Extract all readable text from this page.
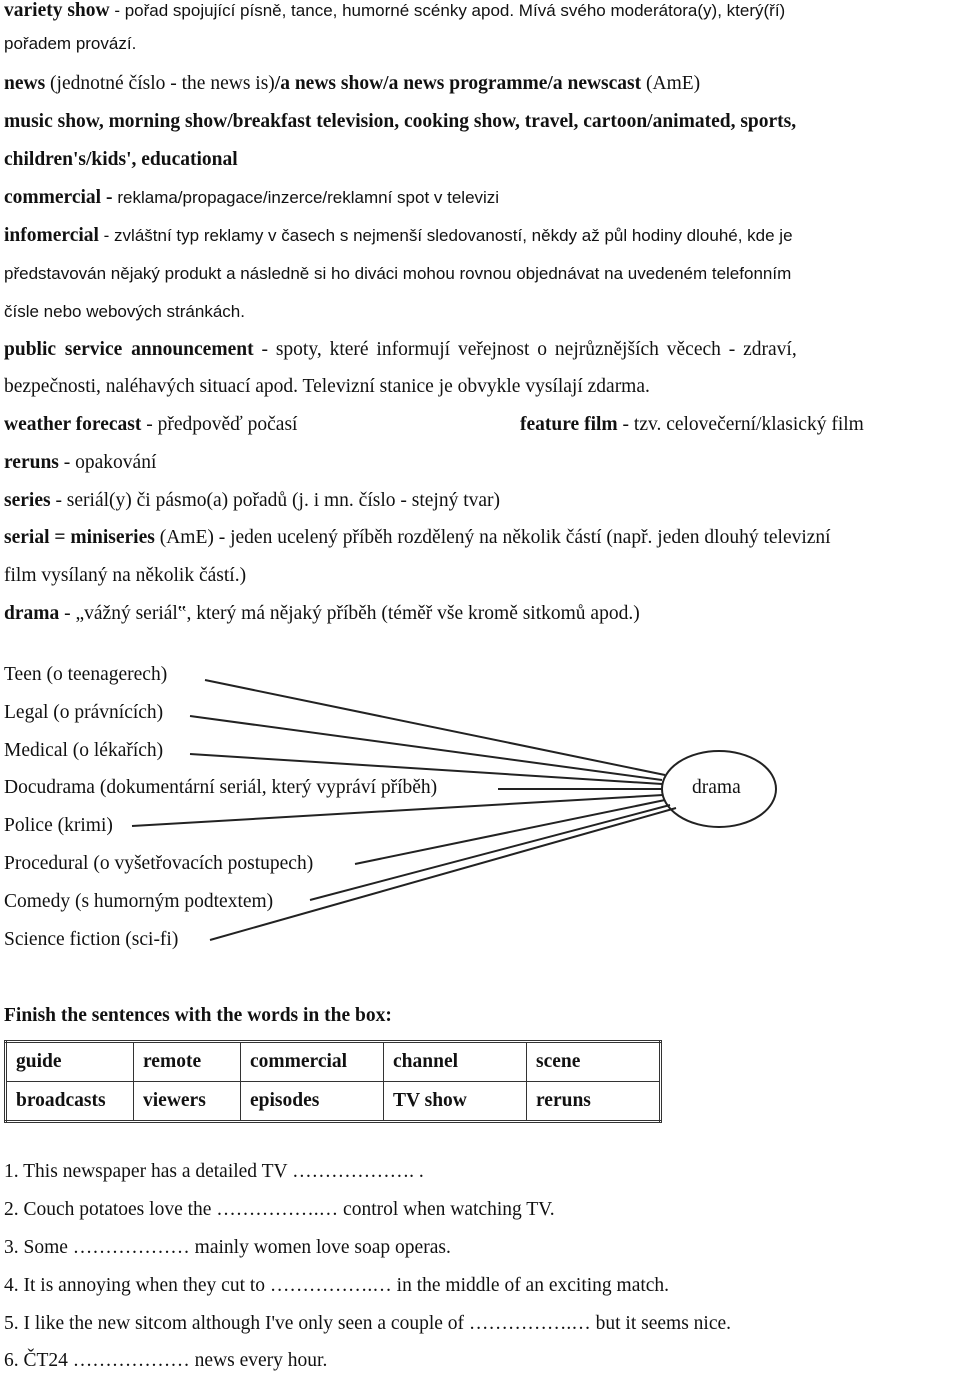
variety show - pořad spojující písně, tance, humorné scénky apod. Mívá svého moderátora(y), který(ří)
pořadem provází.
news (jednotné číslo - the news is)/a news show/a news programme/a newscast (AmE)
music show, morning show/breakfast television, cooking show, travel, cartoon/animated, sports,
children's/kids', educational
commercial - reklama/propagace/inzerce/reklamní spot v televizi
infomercial - zvláštní typ reklamy v časech s nejmenší sledovaností, někdy až půl hodiny dlouhé, kde je
představován nějaký produkt a následně si ho diváci mohou rovnou objednávat na uvedeném telefonním
čísle nebo webových stránkách.
public service announcement - spoty, které informují veřejnost o nejrůznějších věcech - zdraví,
bezpečnosti, naléhavých situací apod. Televizní stanice je obvykle vysílají zdarma.
weather forecast - předpověď počasí	feature film - tzv. celovečerní/klasický film
reruns - opakování
series - seriál(y) či pásmo(a) pořadů (j. i mn. číslo - stejný tvar)
serial = miniseries (AmE) - jeden ucelený příběh rozdělený na několik částí (např. jeden dlouhý televizní
film vysílaný na několik částí.)
drama - „vážný seriál‟, který má nějaký příběh (téměř vše kromě sitkomů apod.)
drama
Teen (o teenagerech)
Legal (o právnících)
Medical (o lékařích)
Docudrama (dokumentární seriál, který vypráví příběh)
Police (krimi)
Procedural (o vyšetřovacích postupech)
Comedy (s humorným podtextem)
Science fiction (sci-fi)
Finish the sentences with the words in the box:
guide	remote	commercial	channel	scene
broadcasts	viewers	episodes	TV show	reruns
1. This newspaper has a detailed TV ………………. .
2. Couch potatoes love the …………….… control when watching TV.
3. Some ……………… mainly women love soap operas.
4. It is annoying when they cut to …………….… in the middle of an exciting match.
5. I like the new sitcom although I've only seen a couple of …………….… but it seems nice.
6. ČT24 ……………… news every hour.
